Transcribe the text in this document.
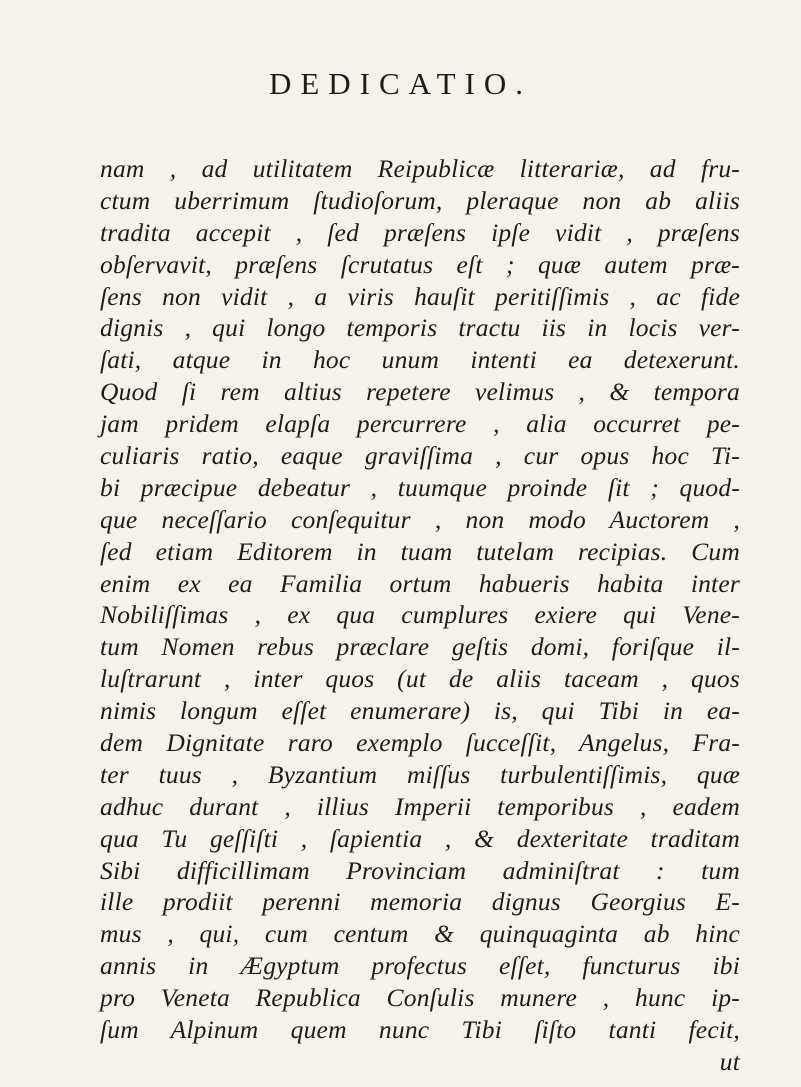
DEDICATIO.
nam , ad utilitatem Reipublicæ litterariæ, ad fru-
ctum uberrimum ſtudioſorum, pleraque non ab aliis
tradita accepit , ſed præſens ipſe vidit , præſens
obſervavit, præſens ſcrutatus eſt ; quæ autem præ-
ſens non vidit , a viris hauſit peritiſſimis , ac fide
dignis , qui longo temporis tractu iis in locis ver-
ſati, atque in hoc unum intenti ea detexerunt.
Quod ſi rem altius repetere velimus , & tempora
jam pridem elapſa percurrere , alia occurret pe-
culiaris ratio, eaque graviſſima , cur opus hoc Ti-
bi præcipue debeatur , tuumque proinde ſit ; quod-
que neceſſario conſequitur , non modo Auctorem ,
ſed etiam Editorem in tuam tutelam recipias. Cum
enim ex ea Familia ortum habueris habita inter
Nobiliſſimas , ex qua cumplures exiere qui Vene-
tum Nomen rebus præclare geſtis domi, foriſque il-
luſtrarunt , inter quos (ut de aliis taceam , quos
nimis longum eſſet enumerare) is, qui Tibi in ea-
dem Dignitate raro exemplo ſucceſſit, Angelus, Fra-
ter tuus , Byzantium miſſus turbulentiſſimis, quæ
adhuc durant , illius Imperii temporibus , eadem
qua Tu geſſiſti , ſapientia , & dexteritate traditam
Sibi difficillimam Provinciam adminiſtrat : tum
ille prodiit perenni memoria dignus Georgius E-
mus , qui, cum centum & quinquaginta ab hinc
annis in Ægyptum profectus eſſet, functurus ibi
pro Veneta Republica Conſulis munere , hunc ip-
ſum Alpinum quem nunc Tibi ſiſto tanti fecit,
ut
